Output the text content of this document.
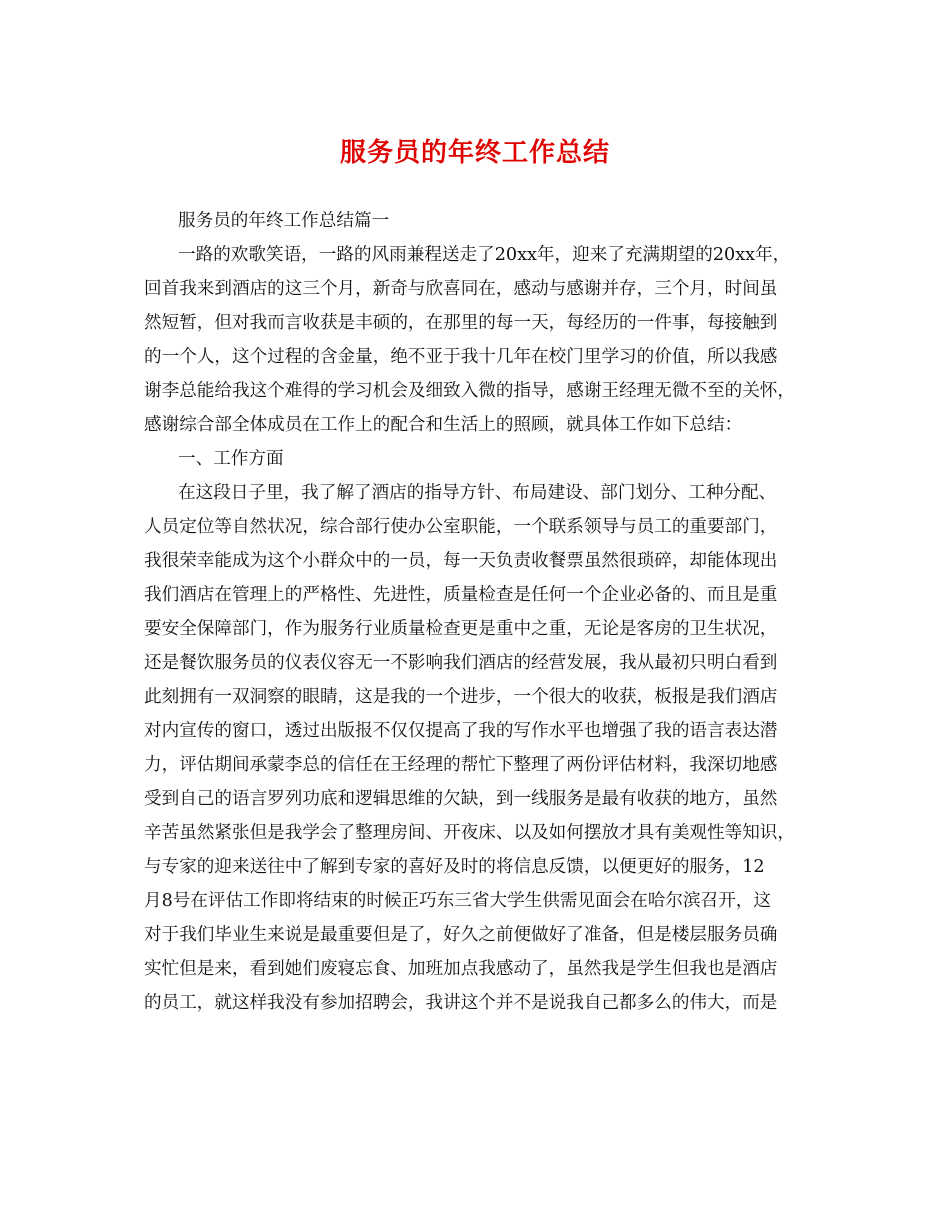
服务员的年终工作总结
服务员的年终工作总结篇一
一路的欢歌笑语，一路的风雨兼程送走了20xx年，迎来了充满期望的20xx年，
回首我来到酒店的这三个月，新奇与欣喜同在，感动与感谢并存，三个月，时间虽
然短暂，但对我而言收获是丰硕的，在那里的每一天，每经历的一件事，每接触到
的一个人，这个过程的含金量，绝不亚于我十几年在校门里学习的价值，所以我感
谢李总能给我这个难得的学习机会及细致入微的指导，感谢王经理无微不至的关怀，
感谢综合部全体成员在工作上的配合和生活上的照顾，就具体工作如下总结：
一、工作方面
在这段日子里，我了解了酒店的指导方针、布局建设、部门划分、工种分配、
人员定位等自然状况，综合部行使办公室职能，一个联系领导与员工的重要部门，
我很荣幸能成为这个小群众中的一员，每一天负责收餐票虽然很琐碎，却能体现出
我们酒店在管理上的严格性、先进性，质量检查是任何一个企业必备的、而且是重
要安全保障部门，作为服务行业质量检查更是重中之重，无论是客房的卫生状况，
还是餐饮服务员的仪表仪容无一不影响我们酒店的经营发展，我从最初只明白看到
此刻拥有一双洞察的眼睛，这是我的一个进步，一个很大的收获，板报是我们酒店
对内宣传的窗口，透过出版报不仅仅提高了我的写作水平也增强了我的语言表达潜
力，评估期间承蒙李总的信任在王经理的帮忙下整理了两份评估材料，我深切地感
受到自己的语言罗列功底和逻辑思维的欠缺，到一线服务是最有收获的地方，虽然
辛苦虽然紧张但是我学会了整理房间、开夜床、以及如何摆放才具有美观性等知识，
与专家的迎来送往中了解到专家的喜好及时的将信息反馈，以便更好的服务，12
月8号在评估工作即将结束的时候正巧东三省大学生供需见面会在哈尔滨召开，这
对于我们毕业生来说是最重要但是了，好久之前便做好了准备，但是楼层服务员确
实忙但是来，看到她们废寝忘食、加班加点我感动了，虽然我是学生但我也是酒店
的员工，就这样我没有参加招聘会，我讲这个并不是说我自己都多么的伟大，而是
